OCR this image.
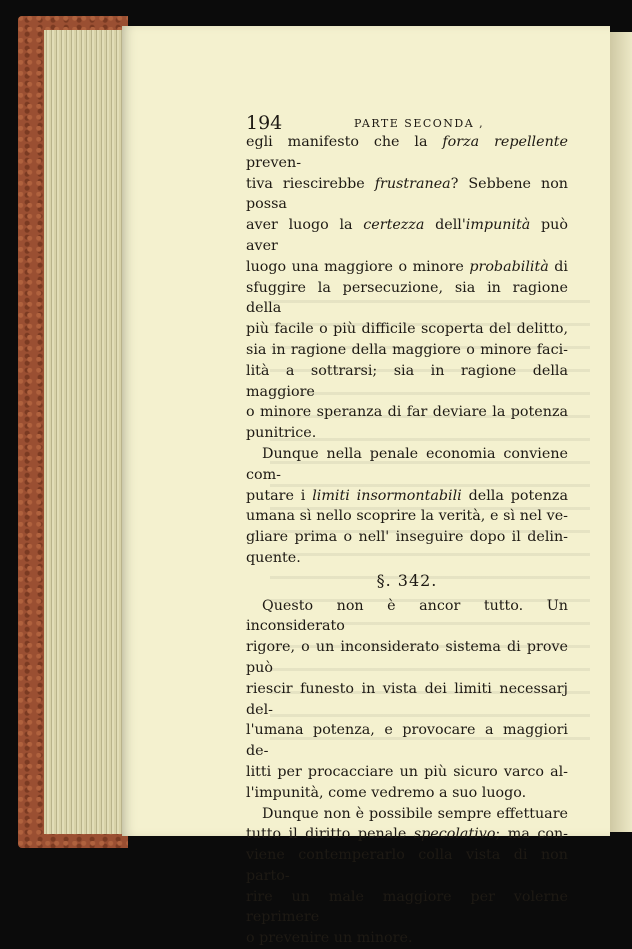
194	PARTE SECONDA ,

egli manifesto che la forza repellente preven-

tiva riescirebbe frustranea? Sebbene non possa

aver luogo la certezza dell'impunità può aver

luogo una maggiore o minore probabilità di

sfuggire la persecuzione, sia in ragione della

più facile o più difficile scoperta del delitto,

sia in ragione della maggiore o minore faci-

lità a sottrarsi; sia in ragione della maggiore

o minore speranza di far deviare la potenza

punitrice.

Dunque nella penale economia conviene com-

putare i limiti insormontabili della potenza

umana sì nello scoprire la verità, e sì nel ve-

gliare prima o nell' inseguire dopo il delin-

quente.

§. 342.

Questo non è ancor tutto. Un inconsiderato

rigore, o un inconsiderato sistema di prove può

riescir funesto in vista dei limiti necessarj del-

l'umana potenza, e provocare a maggiori de-

litti per procacciare un più sicuro varco al-

l'impunità, come vedremo a suo luogo.

Dunque non è possibile sempre effettuare

tutto il diritto penale specolativo; ma con-

viene contemperarlo colla vista di non parto-

rire un male maggiore per volerne reprimere

o prevenire un minore.
